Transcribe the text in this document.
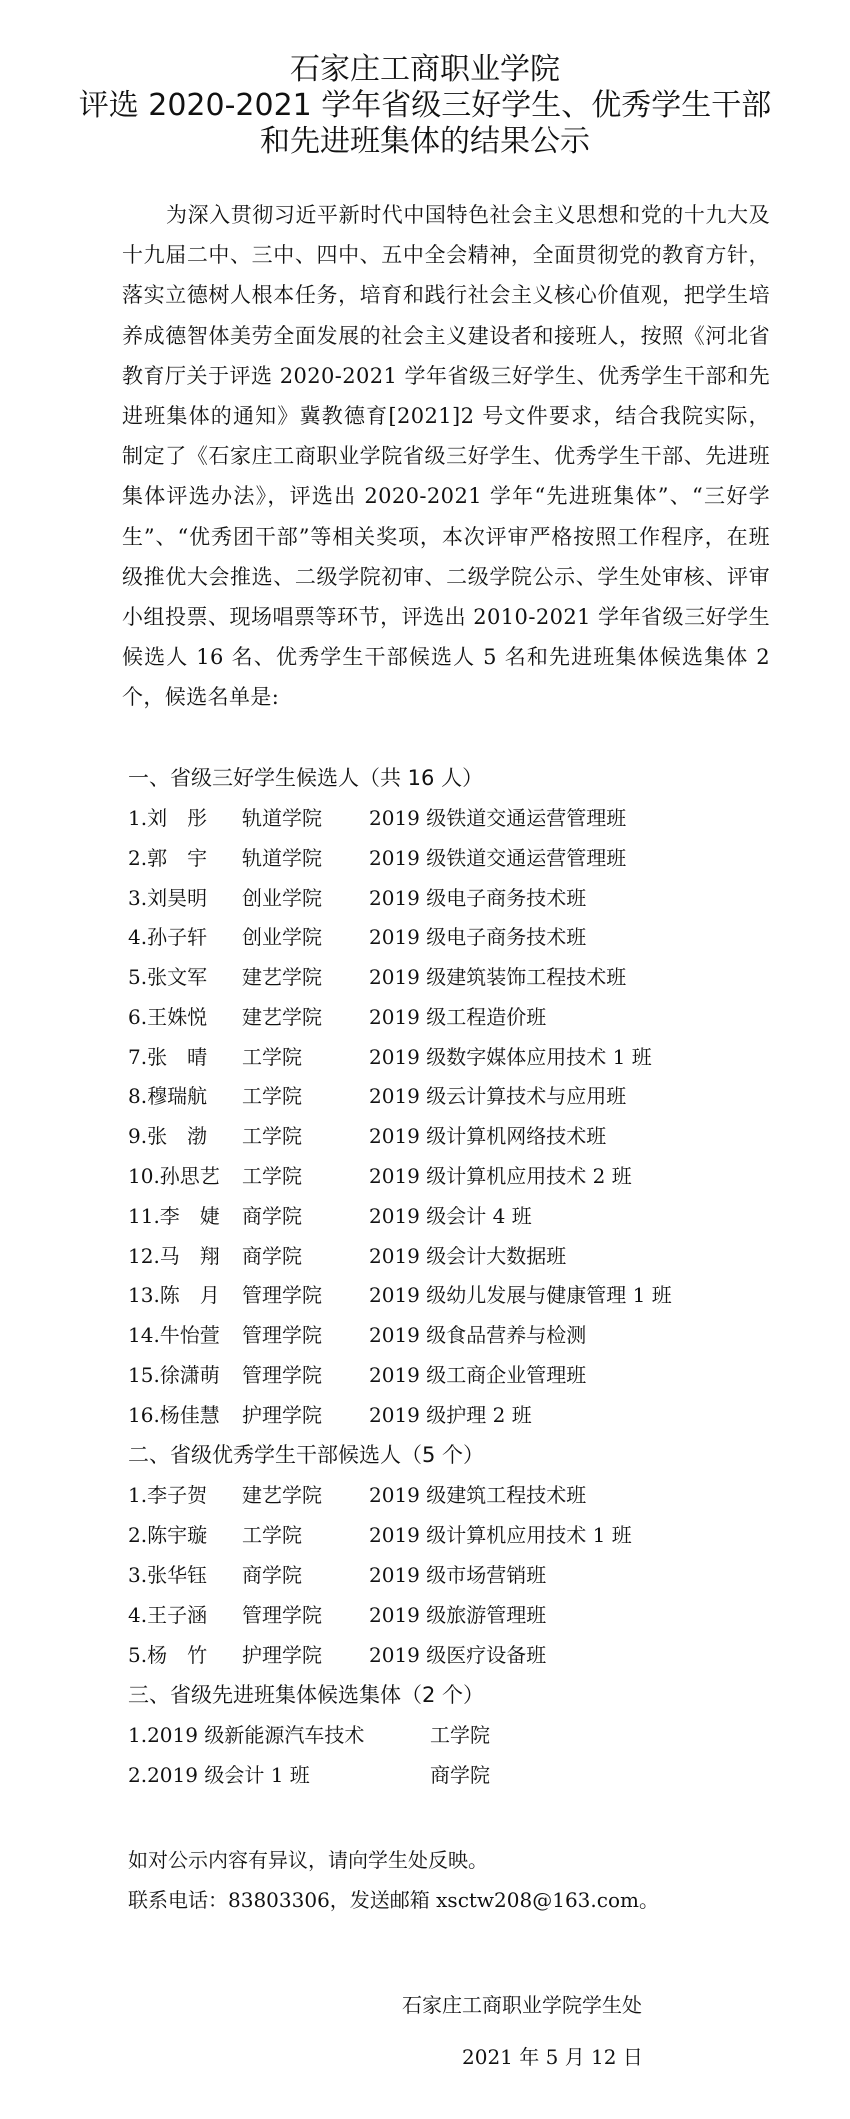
石家庄工商职业学院
评选 2020-2021 学年省级三好学生、优秀学生干部
和先进班集体的结果公示
为深入贯彻习近平新时代中国特色社会主义思想和党的十九大及十九届二中、三中、四中、五中全会精神，全面贯彻党的教育方针，落实立德树人根本任务，培育和践行社会主义核心价值观，把学生培养成德智体美劳全面发展的社会主义建设者和接班人，按照《河北省教育厅关于评选 2020-2021 学年省级三好学生、优秀学生干部和先进班集体的通知》冀教德育[2021]2 号文件要求，结合我院实际，制定了《石家庄工商职业学院省级三好学生、优秀学生干部、先进班集体评选办法》，评选出 2020-2021 学年“先进班集体”、“三好学生”、“优秀团干部”等相关奖项，本次评审严格按照工作程序，在班级推优大会推选、二级学院初审、二级学院公示、学生处审核、评审小组投票、现场唱票等环节，评选出 2010-2021 学年省级三好学生候选人 16 名、优秀学生干部候选人 5 名和先进班集体候选集体 2 个，候选名单是:
一、省级三好学生候选人（共 16 人）
1.刘　彤 轨道学院 2019 级铁道交通运营管理班
2.郭　宇 轨道学院 2019 级铁道交通运营管理班
3.刘昊明 创业学院 2019 级电子商务技术班
4.孙子轩 创业学院 2019 级电子商务技术班
5.张文军 建艺学院 2019 级建筑装饰工程技术班
6.王姝悦 建艺学院 2019 级工程造价班
7.张　晴 工学院	2019 级数字媒体应用技术 1 班
8.穆瑞航 工学院	2019 级云计算技术与应用班
9.张　渤 工学院	2019 级计算机网络技术班
10.孙思艺 工学院	2019 级计算机应用技术 2 班
11.李　婕 商学院	2019 级会计 4 班
12.马　翔 商学院	2019 级会计大数据班
13.陈　月 管理学院 2019 级幼儿发展与健康管理 1 班
14.牛怡萱 管理学院 2019 级食品营养与检测
15.徐潇萌 管理学院 2019 级工商企业管理班
16.杨佳慧 护理学院 2019 级护理 2 班
二、省级优秀学生干部候选人（5 个）
1.李子贺 建艺学院 2019 级建筑工程技术班
2.陈宇璇 工学院	2019 级计算机应用技术 1 班
3.张华钰 商学院	2019 级市场营销班
4.王子涵 管理学院 2019 级旅游管理班
5.杨　竹 护理学院 2019 级医疗设备班
三、省级先进班集体候选集体（2 个）
1.2019 级新能源汽车技术	工学院
2.2019 级会计 1 班	商学院
如对公示内容有异议，请向学生处反映。
联系电话：83803306，发送邮箱 xsctw208@163.com。
石家庄工商职业学院学生处
2021 年 5 月 12 日
